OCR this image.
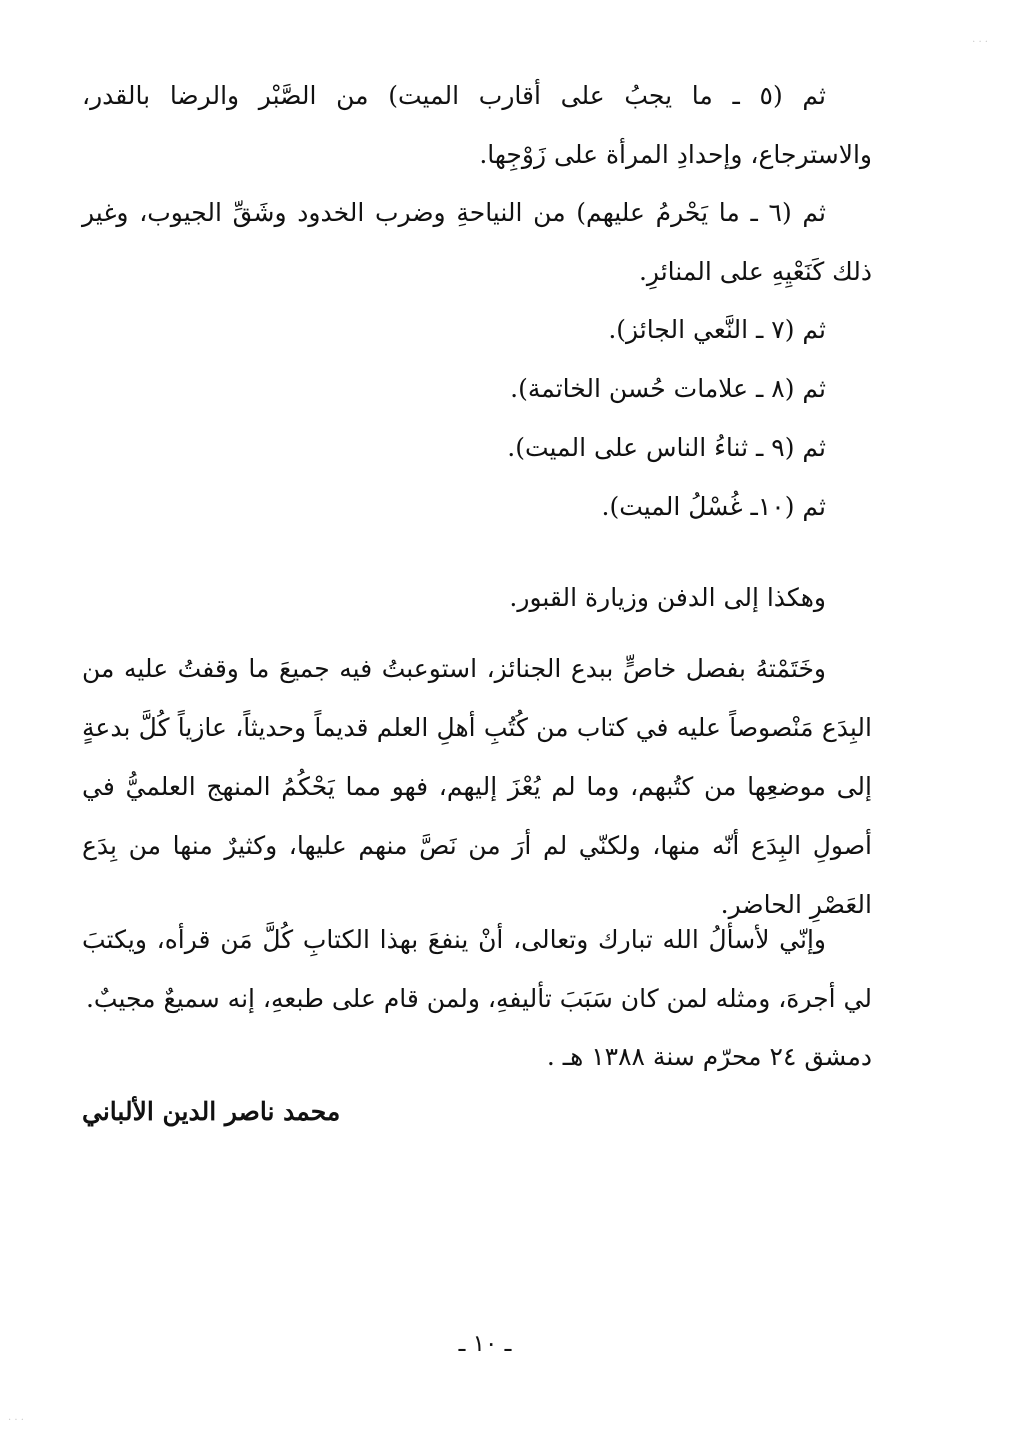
. . .

ثم (٥ ـ ما يجبُ على أقارب الميت) من الصَّبْر والرضا بالقدر، والاسترجاع، وإحدادِ المرأة على زَوْجِها.

ثم (٦ ـ ما يَحْرمُ عليهم) من النياحةِ وضرب الخدود وشَقِّ الجيوب، وغير ذلك كَنَعْيِهِ على المنائرِ.

ثم (٧ ـ النَّعي الجائز).

ثم (٨ ـ علامات حُسن الخاتمة).

ثم (٩ ـ ثناءُ الناس على الميت).

ثم (١٠ـ غُسْلُ الميت).

وهكذا إلى الدفن وزيارة القبور.

وخَتَمْتهُ بفصل خاصٍّ ببدع الجنائز، استوعبتُ فيه جميعَ ما وقفتُ عليه من البِدَع مَنْصوصاً عليه في كتاب من كُتُبِ أهلِ العلم قديماً وحديثاً، عازياً كُلَّ بدعةٍ إلى موضعِها من كتُبهم، وما لم يُعْزَ إليهم، فهو مما يَحْكُمُ المنهج العلميُّ في أصولِ البِدَع أنّه منها، ولكنّي لم أرَ من نَصَّ منهم عليها، وكثيرٌ منها من بِدَع العَصْرِ الحاضر.

وإنّي لأسألُ الله تبارك وتعالى، أنْ ينفعَ بهذا الكتابِ كُلَّ مَن قرأه، ويكتبَ لي أجرهَ، ومثله لمن كان سَبَبَ تأليفهِ، ولمن قام على طبعهِ، إنه سميعٌ مجيبٌ.

دمشق ٢٤ محرّم سنة ١٣٨٨ هـ .
محمد ناصر الدين الألباني
ـ ١٠ ـ
. . .
